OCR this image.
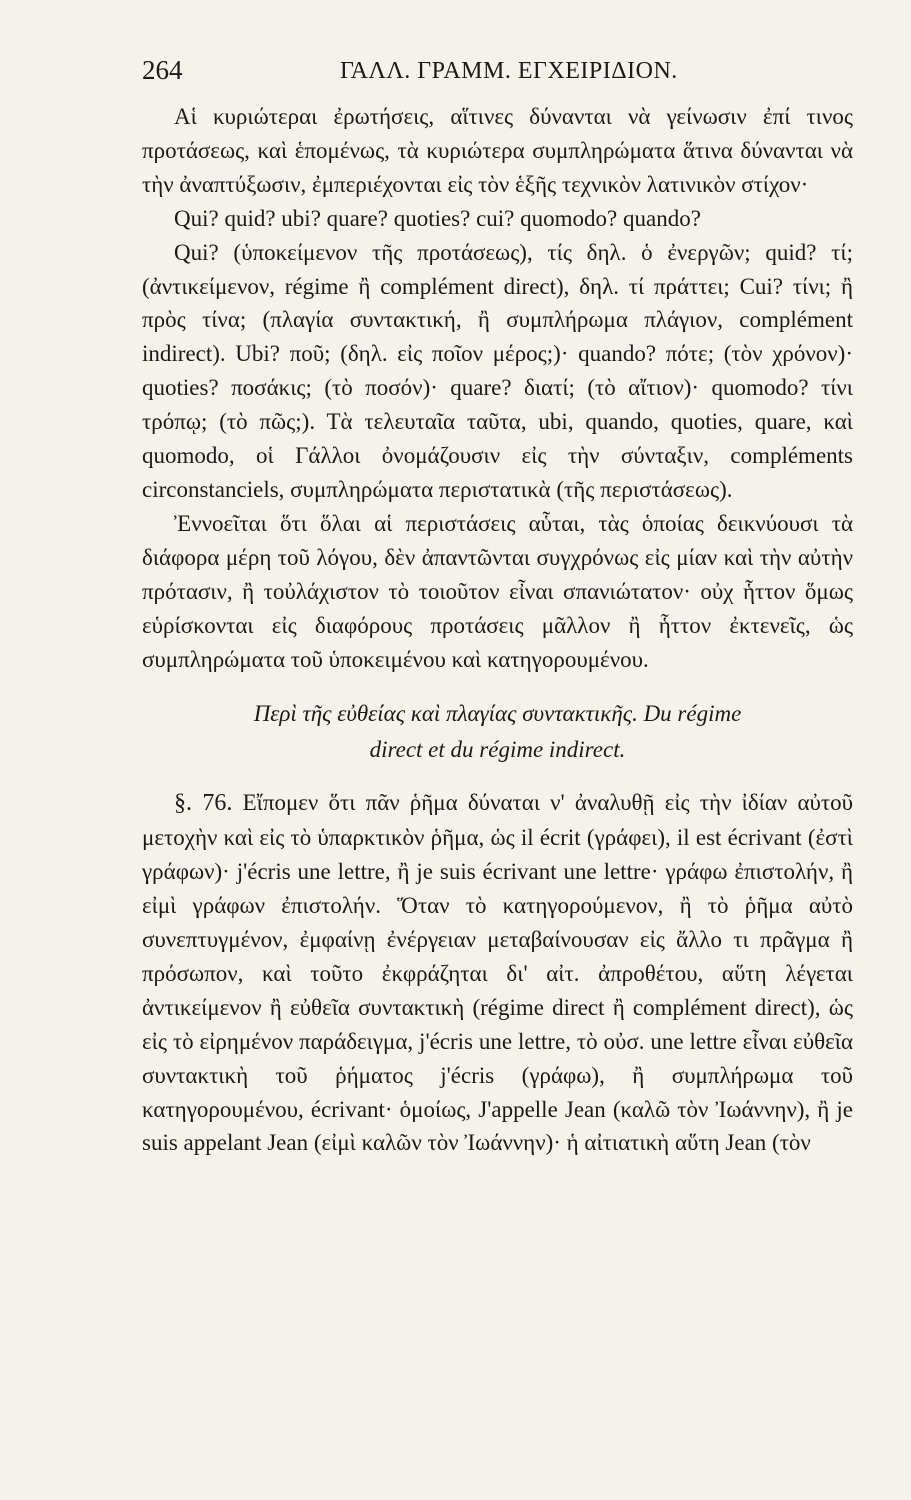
264	ΓΑΛΛ. ΓΡΑΜΜ. ΕΓΧΕΙΡΙΔΙΟΝ.

Αἱ κυριώτεραι ἐρωτήσεις, αἵτινες δύνανται νὰ γείνωσιν ἐπί τινος προτάσεως, καὶ ἑπομένως, τὰ κυριώτερα συμπληρώματα ἅτινα δύνανται νὰ τὴν ἀναπτύξωσιν, ἐμπεριέχονται εἰς τὸν ἑξῆς τεχνικὸν λατινικὸν στίχον·

Qui? quid? ubi? quare? quoties? cui? quomodo? quando?

Qui? (ὑποκείμενον τῆς προτάσεως), τίς δηλ. ὁ ἐνεργῶν; quid? τί; (ἀντικείμενον, régime ἢ complément direct), δηλ. τί πράττει; Cui? τίνι; ἢ πρὸς τίνα; (πλαγία συντακτική, ἢ συμπλήρωμα πλάγιον, complément indirect). Ubi? ποῦ; (δηλ. εἰς ποῖον μέρος;)· quando? πότε; (τὸν χρόνον)· quoties? ποσάκις; (τὸ ποσόν)· quare? διατί; (τὸ αἴτιον)· quomodo? τίνι τρόπῳ; (τὸ πῶς;). Τὰ τελευταῖα ταῦτα, ubi, quando, quoties, quare, καὶ quomodo, οἱ Γάλλοι ὀνομάζουσιν εἰς τὴν σύνταξιν, compléments circonstanciels, συμπληρώματα περιστατικὰ (τῆς περιστάσεως).

Ἐννοεῖται ὅτι ὅλαι αἱ περιστάσεις αὗται, τὰς ὁποίας δεικνύουσι τὰ διάφορα μέρη τοῦ λόγου, δὲν ἀπαντῶνται συγχρόνως εἰς μίαν καὶ τὴν αὐτὴν πρότασιν, ἢ τοὐλάχιστον τὸ τοιοῦτον εἶναι σπανιώτατον· οὐχ ἧττον ὅμως εὑρίσκονται εἰς διαφόρους προτάσεις μᾶλλον ἢ ἧττον ἐκτενεῖς, ὡς συμπληρώματα τοῦ ὑποκειμένου καὶ κατηγορουμένου.

Περὶ τῆς εὐθείας καὶ πλαγίας συντακτικῆς. Du régime

direct et du régime indirect.

§. 76. Εἴπομεν ὅτι πᾶν ῥῆμα δύναται ν' ἀναλυθῇ εἰς τὴν ἰδίαν αὐτοῦ μετοχὴν καὶ εἰς τὸ ὑπαρκτικὸν ῥῆμα, ὡς il écrit (γράφει), il est écrivant (ἐστὶ γράφων)· j'écris une lettre, ἢ je suis écrivant une lettre· γράφω ἐπιστολήν, ἢ εἰμὶ γράφων ἐπιστολήν. Ὅταν τὸ κατηγορούμενον, ἢ τὸ ῥῆμα αὐτὸ συνεπτυγμένον, ἐμφαίνῃ ἐνέργειαν μεταβαίνουσαν εἰς ἄλλο τι πρᾶγμα ἢ πρόσωπον, καὶ τοῦτο ἐκφράζηται δι' αἰτ. ἀπροθέτου, αὕτη λέγεται ἀντικείμενον ἢ εὐθεῖα συντακτικὴ (régime direct ἢ complément direct), ὡς εἰς τὸ εἰρημένον παράδειγμα, j'écris une lettre, τὸ οὐσ. une lettre εἶναι εὐθεῖα συντακτικὴ τοῦ ῥήματος j'écris (γράφω), ἢ συμπλήρωμα τοῦ κατηγορουμένου, écrivant· ὁμοίως, J'appelle Jean (καλῶ τὸν Ἰωάννην), ἢ je suis appelant Jean (εἰμὶ καλῶν τὸν Ἰωάννην)· ἡ αἰτιατικὴ αὕτη Jean (τὸν
